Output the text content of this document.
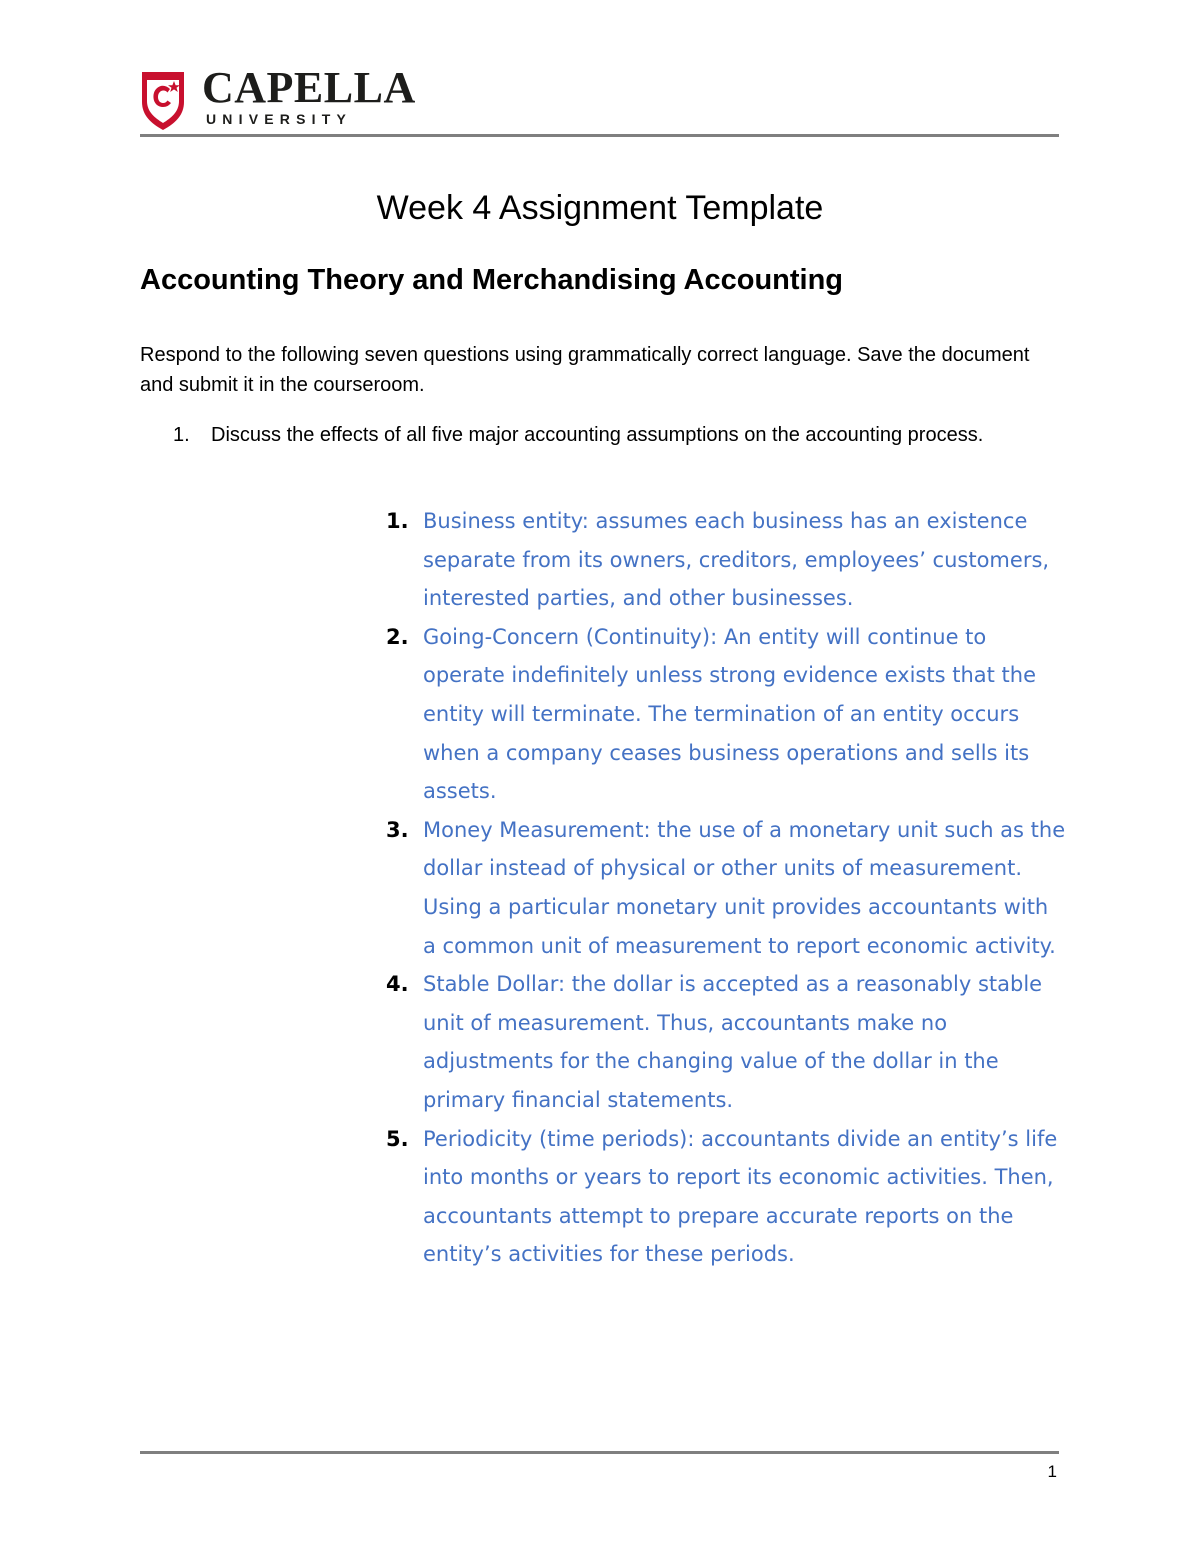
CAPELLA
UNIVERSITY
Week 4 Assignment Template
Accounting Theory and Merchandising Accounting
Respond to the following seven questions using grammatically correct language. Save the document and submit it in the courseroom.
1. Discuss the effects of all five major accounting assumptions on the accounting process.
1. Business entity: assumes each business has an existence separate from its owners, creditors, employees’ customers, interested parties, and other businesses.
2. Going-Concern (Continuity): An entity will continue to operate indefinitely unless strong evidence exists that the entity will terminate. The termination of an entity occurs when a company ceases business operations and sells its assets.
3. Money Measurement: the use of a monetary unit such as the dollar instead of physical or other units of measurement. Using a particular monetary unit provides accountants with a common unit of measurement to report economic activity.
4. Stable Dollar: the dollar is accepted as a reasonably stable unit of measurement. Thus, accountants make no adjustments for the changing value of the dollar in the primary financial statements.
5. Periodicity (time periods): accountants divide an entity’s life into months or years to report its economic activities. Then, accountants attempt to prepare accurate reports on the entity’s activities for these periods.
1
